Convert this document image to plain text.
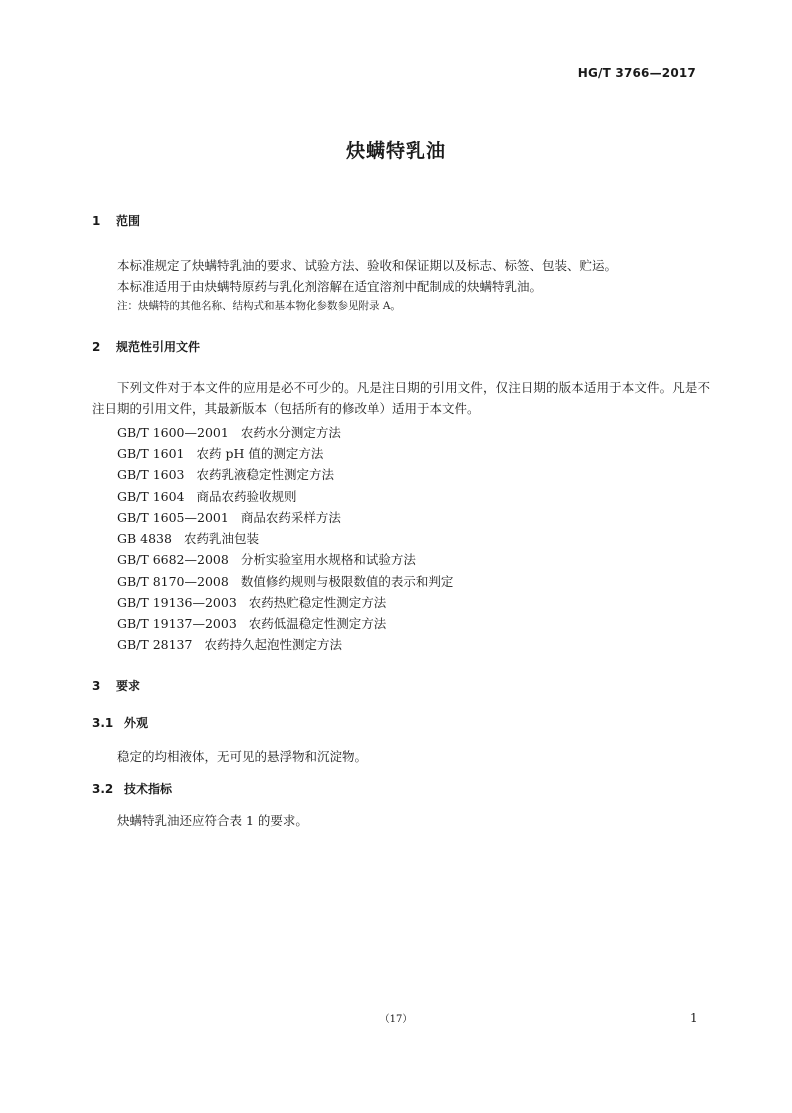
HG/T 3766—2017
炔螨特乳油
1 范围
本标准规定了炔螨特乳油的要求、试验方法、验收和保证期以及标志、标签、包装、贮运。
本标准适用于由炔螨特原药与乳化剂溶解在适宜溶剂中配制成的炔螨特乳油。
注：炔螨特的其他名称、结构式和基本物化参数参见附录 A。
2 规范性引用文件
下列文件对于本文件的应用是必不可少的。凡是注日期的引用文件，仅注日期的版本适用于本文件。凡是不注日期的引用文件，其最新版本（包括所有的修改单）适用于本文件。
GB/T 1600—2001 农药水分测定方法
GB/T 1601 农药 pH 值的测定方法
GB/T 1603 农药乳液稳定性测定方法
GB/T 1604 商品农药验收规则
GB/T 1605—2001 商品农药采样方法
GB 4838 农药乳油包装
GB/T 6682—2008 分析实验室用水规格和试验方法
GB/T 8170—2008 数值修约规则与极限数值的表示和判定
GB/T 19136—2003 农药热贮稳定性测定方法
GB/T 19137—2003 农药低温稳定性测定方法
GB/T 28137 农药持久起泡性测定方法
3 要求
3.1 外观
稳定的均相液体，无可见的悬浮物和沉淀物。
3.2 技术指标
炔螨特乳油还应符合表 1 的要求。
（17）	1
